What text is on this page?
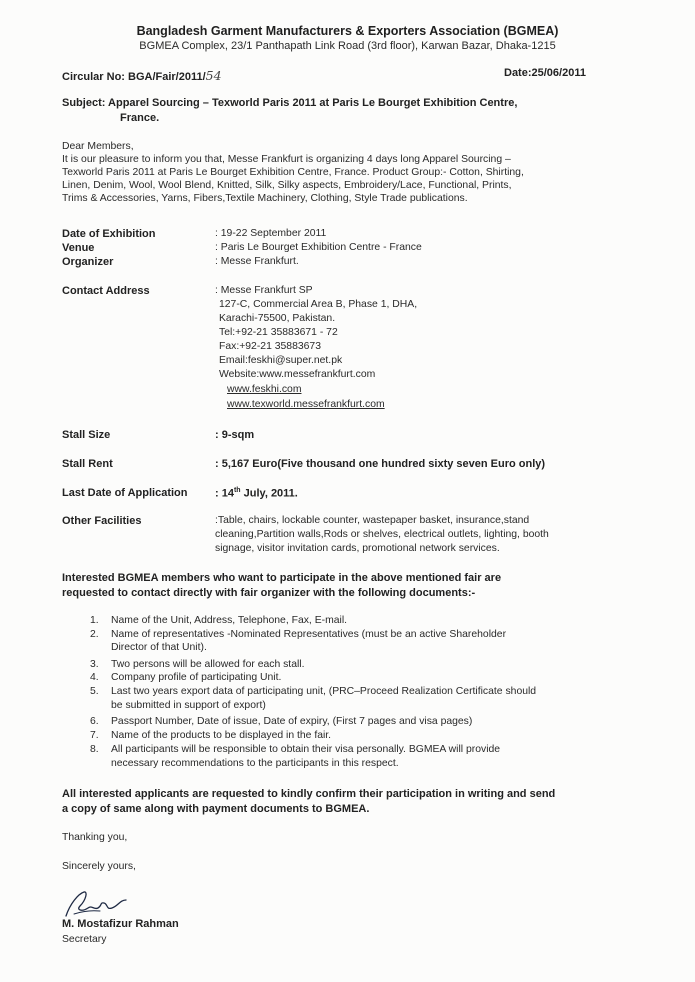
Bangladesh Garment Manufacturers & Exporters Association (BGMEA)
BGMEA Complex, 23/1 Panthapath Link Road (3rd floor), Karwan Bazar, Dhaka-1215
Circular No: BGA/Fair/2011/54	Date:25/06/2011
Subject: Apparel Sourcing – Texworld Paris 2011 at Paris Le Bourget Exhibition Centre,
France.
Dear Members,
It is our pleasure to inform you that, Messe Frankfurt is organizing 4 days long Apparel Sourcing –
Texworld Paris 2011 at Paris Le Bourget Exhibition Centre, France. Product Group:- Cotton, Shirting,
Linen, Denim, Wool, Wool Blend, Knitted, Silk, Silky aspects, Embroidery/Lace, Functional, Prints,
Trims & Accessories, Yarns, Fibers,Textile Machinery, Clothing, Style Trade publications.
Date of Exhibition	: 19-22 September 2011
Venue	: Paris Le Bourget Exhibition Centre - France
Organizer	: Messe Frankfurt.
Contact Address	: Messe Frankfurt SP
127-C, Commercial Area B, Phase 1, DHA,
Karachi-75500, Pakistan.
Tel:+92-21 35883671 - 72
Fax:+92-21 35883673
Email:feskhi@super.net.pk
Website:www.messefrankfurt.com
www.feskhi.com
www.texworld.messefrankfurt.com
Stall Size	: 9-sqm
Stall Rent	: 5,167 Euro(Five thousand one hundred sixty seven Euro only)
Last Date of Application	: 14th July, 2011.
Other Facilities	:Table, chairs, lockable counter, wastepaper basket, insurance,stand
cleaning,Partition walls,Rods or shelves, electrical outlets, lighting, booth
signage, visitor invitation cards, promotional network services.
Interested BGMEA members who want to participate in the above mentioned fair are
requested to contact directly with fair organizer with the following documents:-
1. Name of the Unit, Address, Telephone, Fax, E-mail.
2. Name of representatives -Nominated Representatives (must be an active Shareholder
Director of that Unit).
3. Two persons will be allowed for each stall.
4. Company profile of participating Unit.
5. Last two years export data of participating unit, (PRC–Proceed Realization Certificate should
be submitted in support of export)
6. Passport Number, Date of issue, Date of expiry, (First 7 pages and visa pages)
7. Name of the products to be displayed in the fair.
8. All participants will be responsible to obtain their visa personally. BGMEA will provide
necessary recommendations to the participants in this respect.
All interested applicants are requested to kindly confirm their participation in writing and send
a copy of same along with payment documents to BGMEA.
Thanking you,
Sincerely yours,
M. Mostafizur Rahman
Secretary
